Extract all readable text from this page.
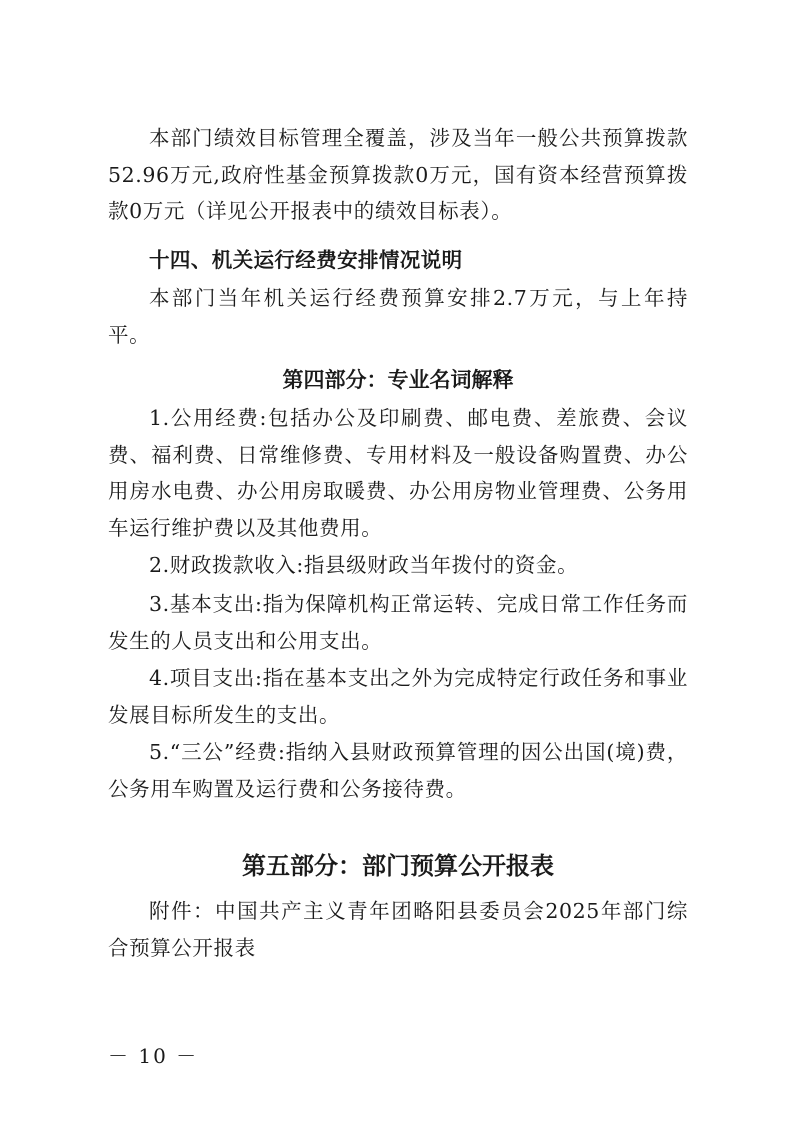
本部门绩效目标管理全覆盖，涉及当年一般公共预算拨款52.96万元,政府性基金预算拨款0万元，国有资本经营预算拨款0万元（详见公开报表中的绩效目标表）。

十四、机关运行经费安排情况说明

本部门当年机关运行经费预算安排2.7万元，与上年持平。

第四部分：专业名词解释

1.公用经费:包括办公及印刷费、邮电费、差旅费、会议费、福利费、日常维修费、专用材料及一般设备购置费、办公用房水电费、办公用房取暖费、办公用房物业管理费、公务用车运行维护费以及其他费用。

2.财政拨款收入:指县级财政当年拨付的资金。

3.基本支出:指为保障机构正常运转、完成日常工作任务而发生的人员支出和公用支出。

4.项目支出:指在基本支出之外为完成特定行政任务和事业发展目标所发生的支出。

5.“三公”经费:指纳入县财政预算管理的因公出国(境)费，公务用车购置及运行费和公务接待费。

第五部分：部门预算公开报表

附件：中国共产主义青年团略阳县委员会2025年部门综合预算公开报表

－ 10 －
